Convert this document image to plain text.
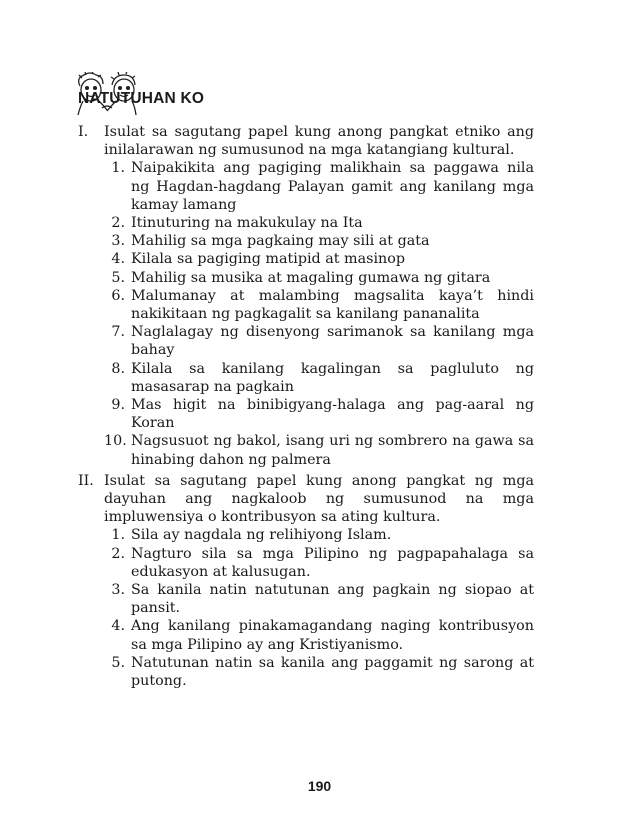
NATUTUHAN KO
I. Isulat sa sagutang papel kung anong pangkat etniko ang inilalarawan ng sumusunod na mga katangiang kultural.
1. Naipakikita ang pagiging malikhain sa paggawa nila ng Hagdan-hagdang Palayan gamit ang kanilang mga kamay lamang
2. Itinuturing na makukulay na Ita
3. Mahilig sa mga pagkaing may sili at gata
4. Kilala sa pagiging matipid at masinop
5. Mahilig sa musika at magaling gumawa ng gitara
6. Malumanay at malambing magsalita kaya’t hindi nakikitaan ng pagkagalit sa kanilang pananalita
7. Naglalagay ng disenyong sarimanok sa kanilang mga bahay
8. Kilala sa kanilang kagalingan sa pagluluto ng masasarap na pagkain
9. Mas higit na binibigyang-halaga ang pag-aaral ng Koran
10. Nagsusuot ng bakol, isang uri ng sombrero na gawa sa hinabing dahon ng palmera
II. Isulat sa sagutang papel kung anong pangkat ng mga dayuhan ang nagkaloob ng sumusunod na mga impluwensiya o kontribusyon sa ating kultura.
1. Sila ay nagdala ng relihiyong Islam.
2. Nagturo sila sa mga Pilipino ng pagpapahalaga sa edukasyon at kalusugan.
3. Sa kanila natin natutunan ang pagkain ng siopao at pansit.
4. Ang kanilang pinakamagandang naging kontribusyon sa mga Pilipino ay ang Kristiyanismo.
5. Natutunan natin sa kanila ang paggamit ng sarong at putong.
190
